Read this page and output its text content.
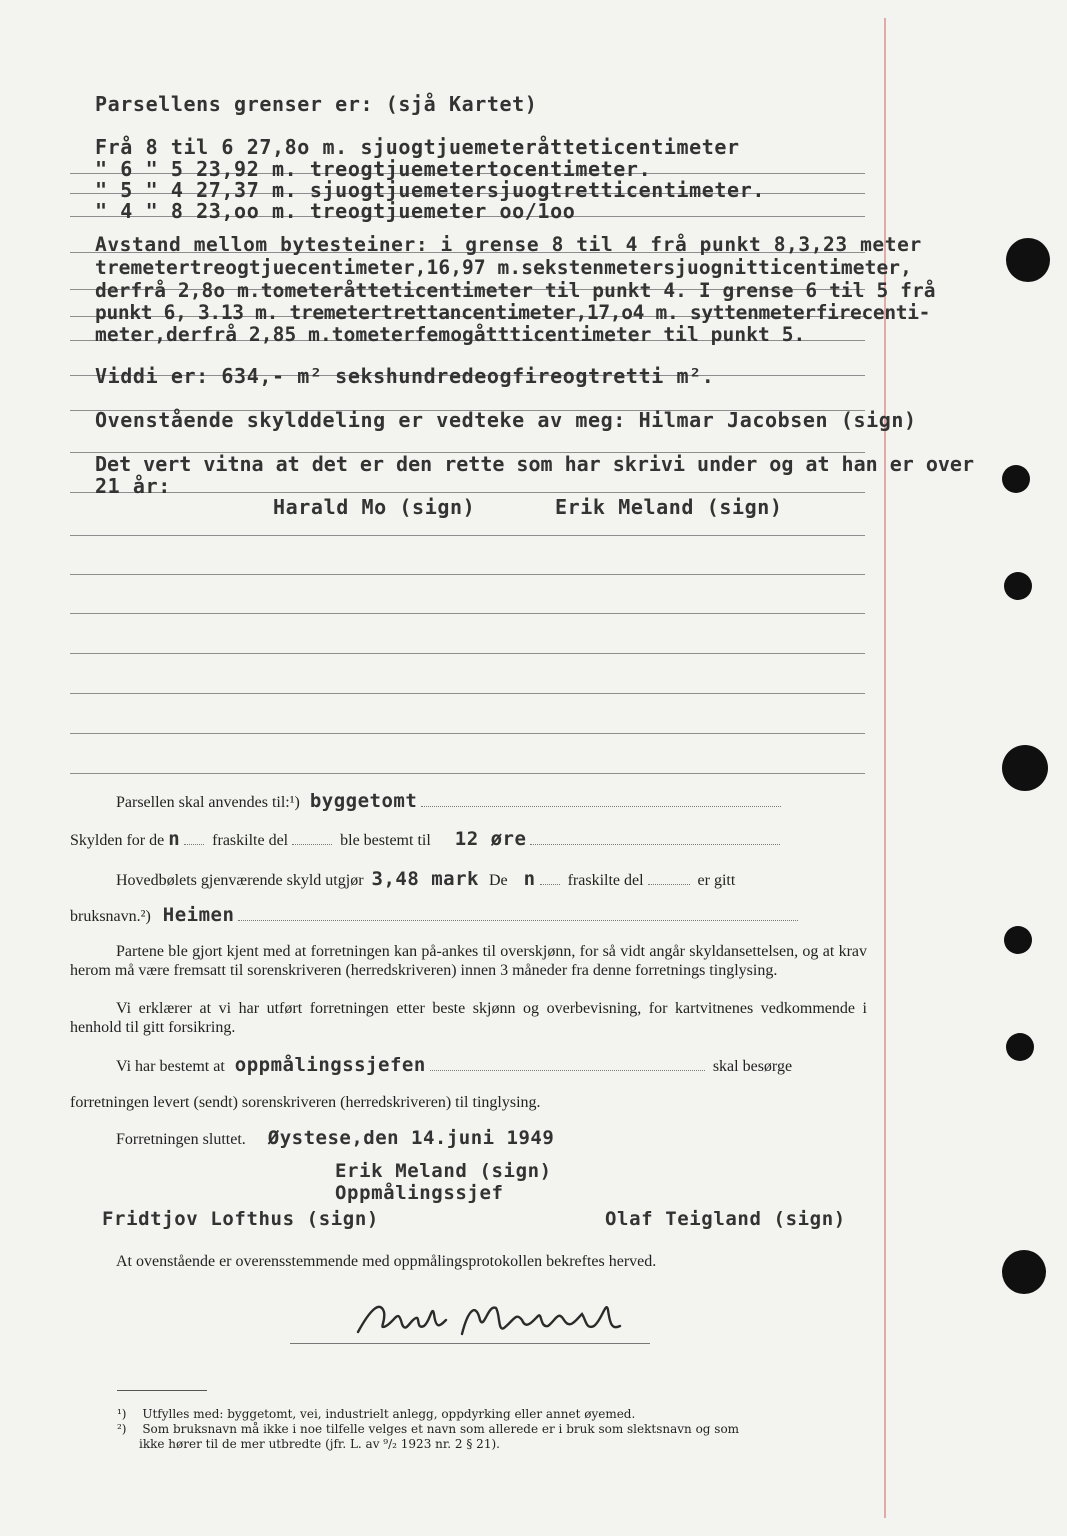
Parsellens grenser er: (sjå Kartet)
Frå 8 til 6 27,8o m. sjuogtjuemeteråtteticentimeter
" 6 " 5 23,92 m. treogtjuemetertocentimeter.
" 5 " 4 27,37 m. sjuogtjuemetersjuogtretticentimeter.
" 4 " 8 23,oo m. treogtjuemeter oo/1oo
Avstand mellom bytesteiner: i grense 8 til 4 frå punkt 8,3,23 meter
tremetertreogtjuecentimeter,16,97 m.sekstenmetersjuognitticentimeter,
derfrå 2,8o m.tometeråtteticentimeter til punkt 4. I grense 6 til 5 frå
punkt 6, 3.13 m. tremetertrettancentimeter,17,o4 m. syttenmeterfirecenti-
meter,derfrå 2,85 m.tometerfemogåttticentimeter til punkt 5.
Viddi er: 634,- m² sekshundredeogfireogtretti m².
Ovenstående skylddeling er vedteke av meg: Hilmar Jacobsen (sign)
Det vert vitna at det er den rette som har skrivi under og at han er over
21 år:
Harald Mo (sign)	Erik Meland (sign)
Parsellen skal anvendes til:¹) byggetomt
Skylden for de n fraskilte del	ble bestemt til 12 øre
Hovedbølets gjenværende skyld utgjør 3,48 mark De n fraskilte del	er gitt
bruksnavn.²) Heimen
Partene ble gjort kjent med at forretningen kan på-ankes til overskjønn, for så vidt angår skyldansettelsen, og at krav herom må være fremsatt til sorenskriveren (herredskriveren) innen 3 måneder fra denne forretnings tinglysing.
Vi erklærer at vi har utført forretningen etter beste skjønn og overbevisning, for kartvitnenes vedkommende i henhold til gitt forsikring.
Vi har bestemt at oppmålingssjefen	skal besørge
forretningen levert (sendt) sorenskriveren (herredskriveren) til tinglysing.
Forretningen sluttet. Øystese,den 14.juni 1949
Erik Meland (sign)
Oppmålingssjef
Fridtjov Lofthus (sign)	Olaf Teigland (sign)
At ovenstående er overensstemmende med oppmålingsprotokollen bekreftes herved.
¹) Utfylles med: byggetomt, vei, industrielt anlegg, oppdyrking eller annet øyemed.
²) Som bruksnavn må ikke i noe tilfelle velges et navn som allerede er i bruk som slektsnavn og som
ikke hører til de mer utbredte (jfr. L. av ⁹/₂ 1923 nr. 2 § 21).
